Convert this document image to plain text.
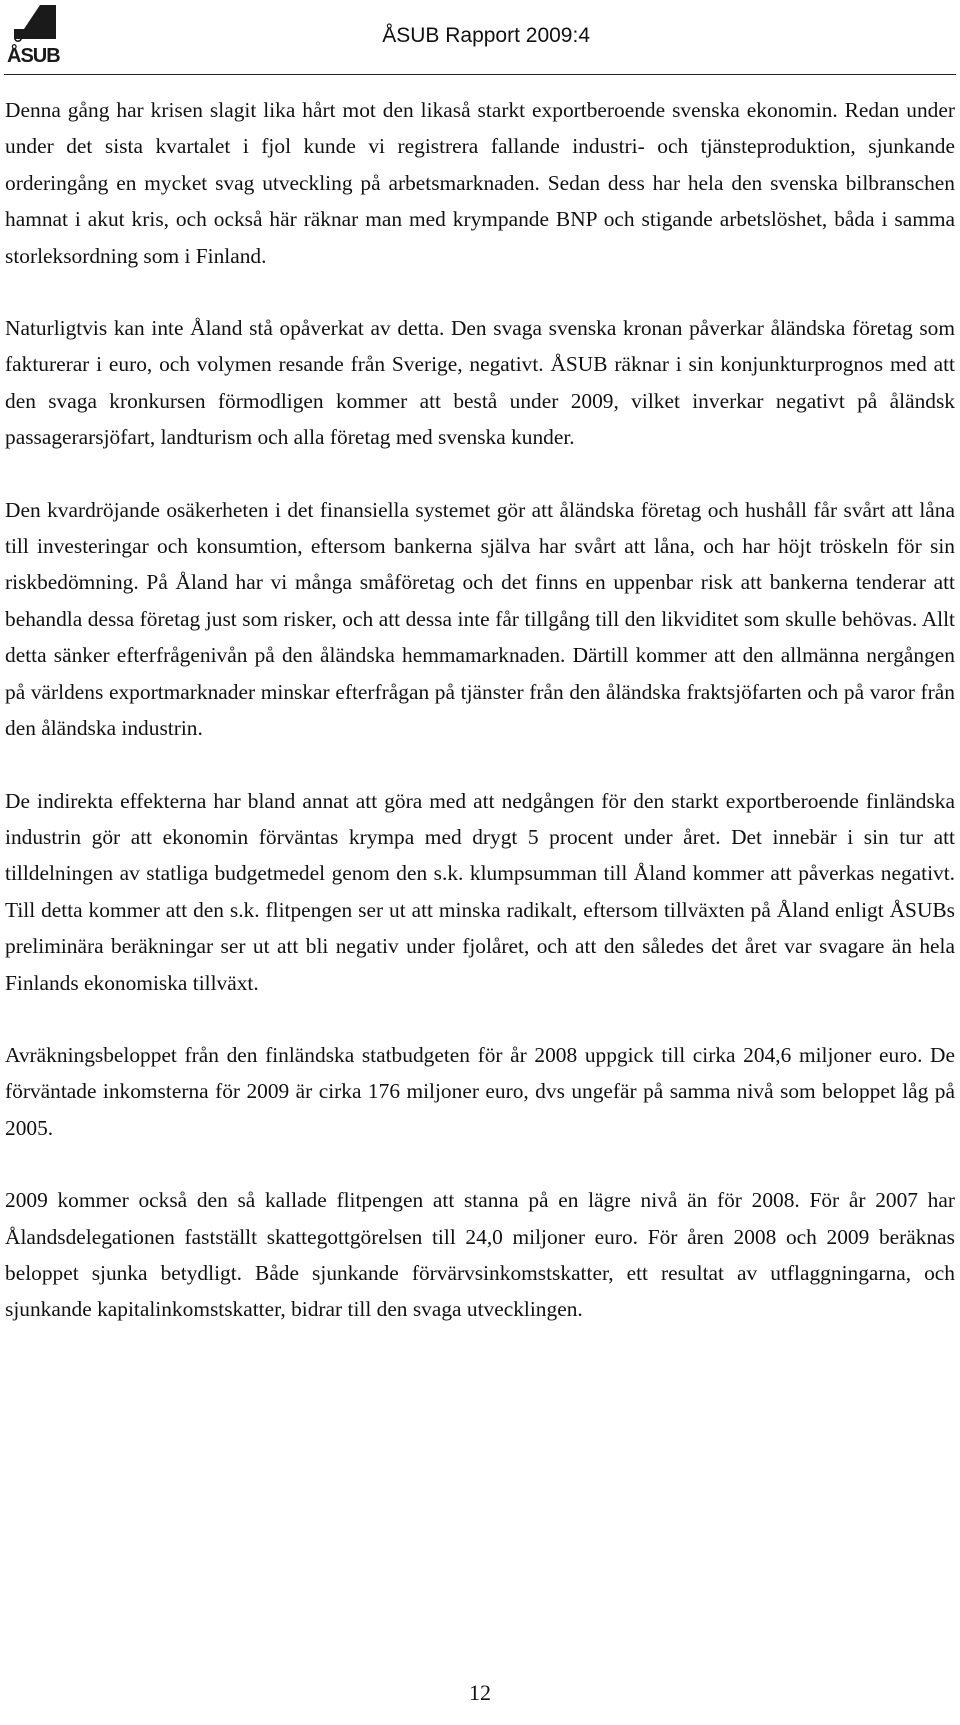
ÅSUB
ÅSUB Rapport 2009:4

Denna gång har krisen slagit lika hårt mot den likaså starkt exportberoende svenska ekonomin. Redan under under det sista kvartalet i fjol kunde vi registrera fallande industri- och tjänsteproduktion, sjunkande orderingång en mycket svag utveckling på arbetsmarknaden. Sedan dess har hela den svenska bilbranschen hamnat i akut kris, och också här räknar man med krympande BNP och stigande arbetslöshet, båda i samma storleksordning som i Finland.

Naturligtvis kan inte Åland stå opåverkat av detta. Den svaga svenska kronan påverkar åländska företag som fakturerar i euro, och volymen resande från Sverige, negativt. ÅSUB räknar i sin konjunkturprognos med att den svaga kronkursen förmodligen kommer att bestå under 2009, vilket inverkar negativt på åländsk passagerarsjöfart, landturism och alla företag med svenska kunder.

Den kvardröjande osäkerheten i det finansiella systemet gör att åländska företag och hushåll får svårt att låna till investeringar och konsumtion, eftersom bankerna själva har svårt att låna, och har höjt tröskeln för sin riskbedömning. På Åland har vi många småföretag och det finns en uppenbar risk att bankerna tenderar att behandla dessa företag just som risker, och att dessa inte får tillgång till den likviditet som skulle behövas. Allt detta sänker efterfrågenivån på den åländska hemmamarknaden. Därtill kommer att den allmänna nergången på världens exportmarknader minskar efterfrågan på tjänster från den åländska fraktsjöfarten och på varor från den åländska industrin.

De indirekta effekterna har bland annat att göra med att nedgången för den starkt exportberoende finländska industrin gör att ekonomin förväntas krympa med drygt 5 procent under året. Det innebär i sin tur att tilldelningen av statliga budgetmedel genom den s.k. klumpsumman till Åland kommer att påverkas negativt. Till detta kommer att den s.k. flitpengen ser ut att minska radikalt, eftersom tillväxten på Åland enligt ÅSUBs preliminära beräkningar ser ut att bli negativ under fjolåret, och att den således det året var svagare än hela Finlands ekonomiska tillväxt.

Avräkningsbeloppet från den finländska statbudgeten för år 2008 uppgick till cirka 204,6 miljoner euro. De förväntade inkomsterna för 2009 är cirka 176 miljoner euro, dvs ungefär på samma nivå som beloppet låg på 2005.

2009 kommer också den så kallade flitpengen att stanna på en lägre nivå än för 2008. För år 2007 har Ålandsdelegationen fastställt skattegottgörelsen till 24,0 miljoner euro. För åren 2008 och 2009 beräknas beloppet sjunka betydligt. Både sjunkande förvärvsinkomstskatter, ett resultat av utflaggningarna, och sjunkande kapitalinkomstskatter, bidrar till den svaga utvecklingen.

12
